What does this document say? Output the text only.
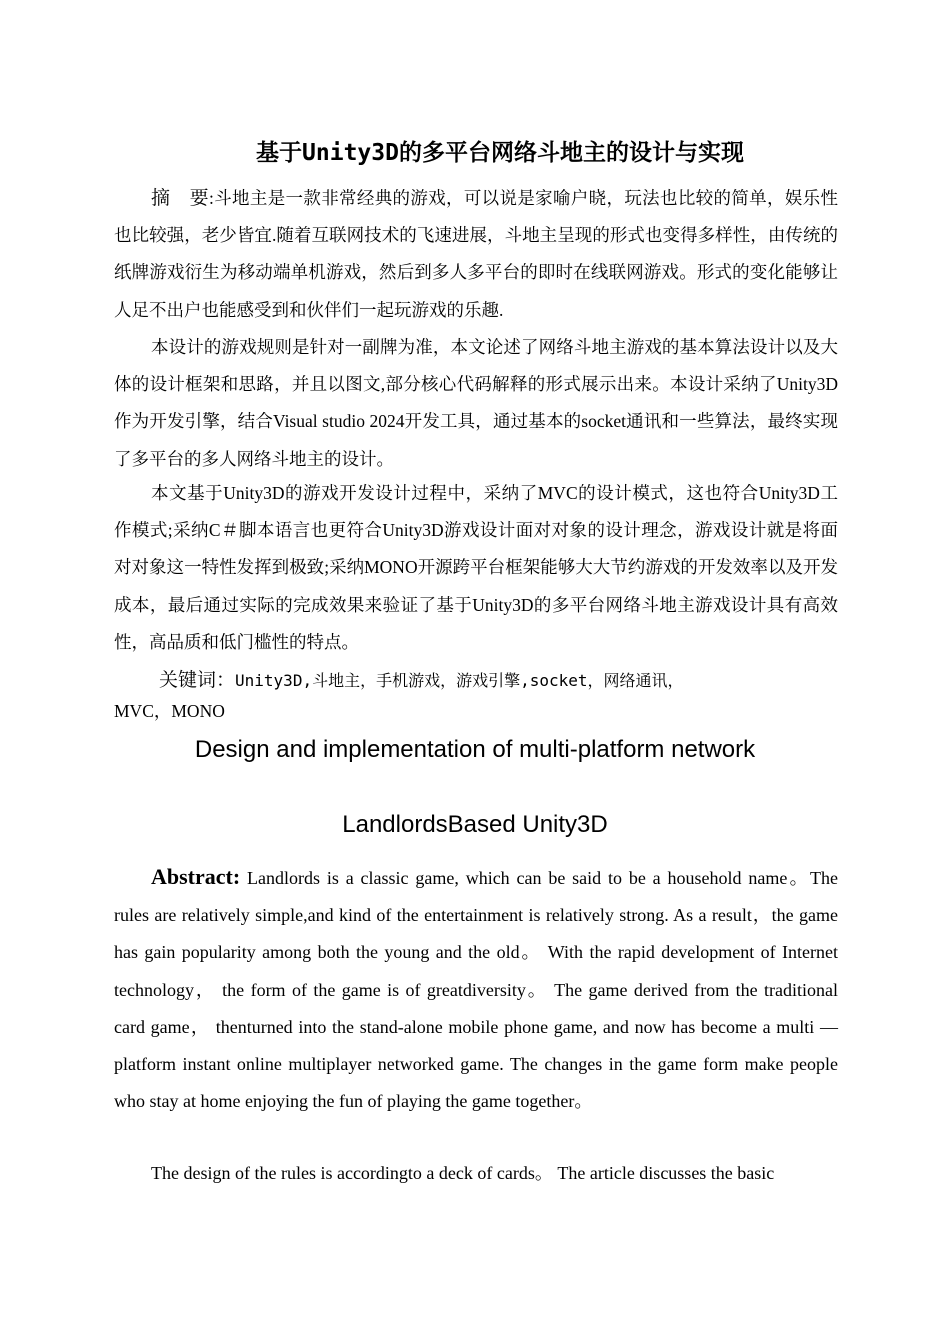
基于Unity3D的多平台网络斗地主的设计与实现

摘　要:斗地主是一款非常经典的游戏，可以说是家喻户晓，玩法也比较的简单，娱乐性也比较强，老少皆宜.随着互联网技术的飞速进展，斗地主呈现的形式也变得多样性，由传统的纸牌游戏衍生为移动端单机游戏，然后到多人多平台的即时在线联网游戏。形式的变化能够让人足不出户也能感受到和伙伴们一起玩游戏的乐趣.

本设计的游戏规则是针对一副牌为准，本文论述了网络斗地主游戏的基本算法设计以及大体的设计框架和思路，并且以图文,部分核心代码解释的形式展示出来。本设计采纳了Unity3D作为开发引擎，结合Visual studio 2024开发工具，通过基本的socket通讯和一些算法，最终实现了多平台的多人网络斗地主的设计。

本文基于Unity3D的游戏开发设计过程中，采纳了MVC的设计模式，这也符合Unity3D工作模式;采纳C＃脚本语言也更符合Unity3D游戏设计面对对象的设计理念，游戏设计就是将面对对象这一特性发挥到极致;采纳MONO开源跨平台框架能够大大节约游戏的开发效率以及开发成本，最后通过实际的完成效果来验证了基于Unity3D的多平台网络斗地主游戏设计具有高效性，高品质和低门槛性的特点。

关键词：Unity3D,斗地主，手机游戏，游戏引擎,socket，网络通讯，
MVC，MONO

Design and implementation of multi-platform network

LandlordsBased Unity3D

Abstract: Landlords is a classic game, which can be said to be a household name。The rules are relatively simple,and kind of the entertainment is relatively strong. As a result，the game has gain popularity among both the young and the old。 With the rapid development of Internet technology， the form of the game is of greatdiversity。 The game derived from the traditional card game， thenturned into the stand-alone mobile phone game, and now has become a multi —platform instant online multiplayer networked game. The changes in the game form make people who stay at home enjoying the fun of playing the game together。

The design of the rules is accordingto a deck of cards。 The article discusses the basic
